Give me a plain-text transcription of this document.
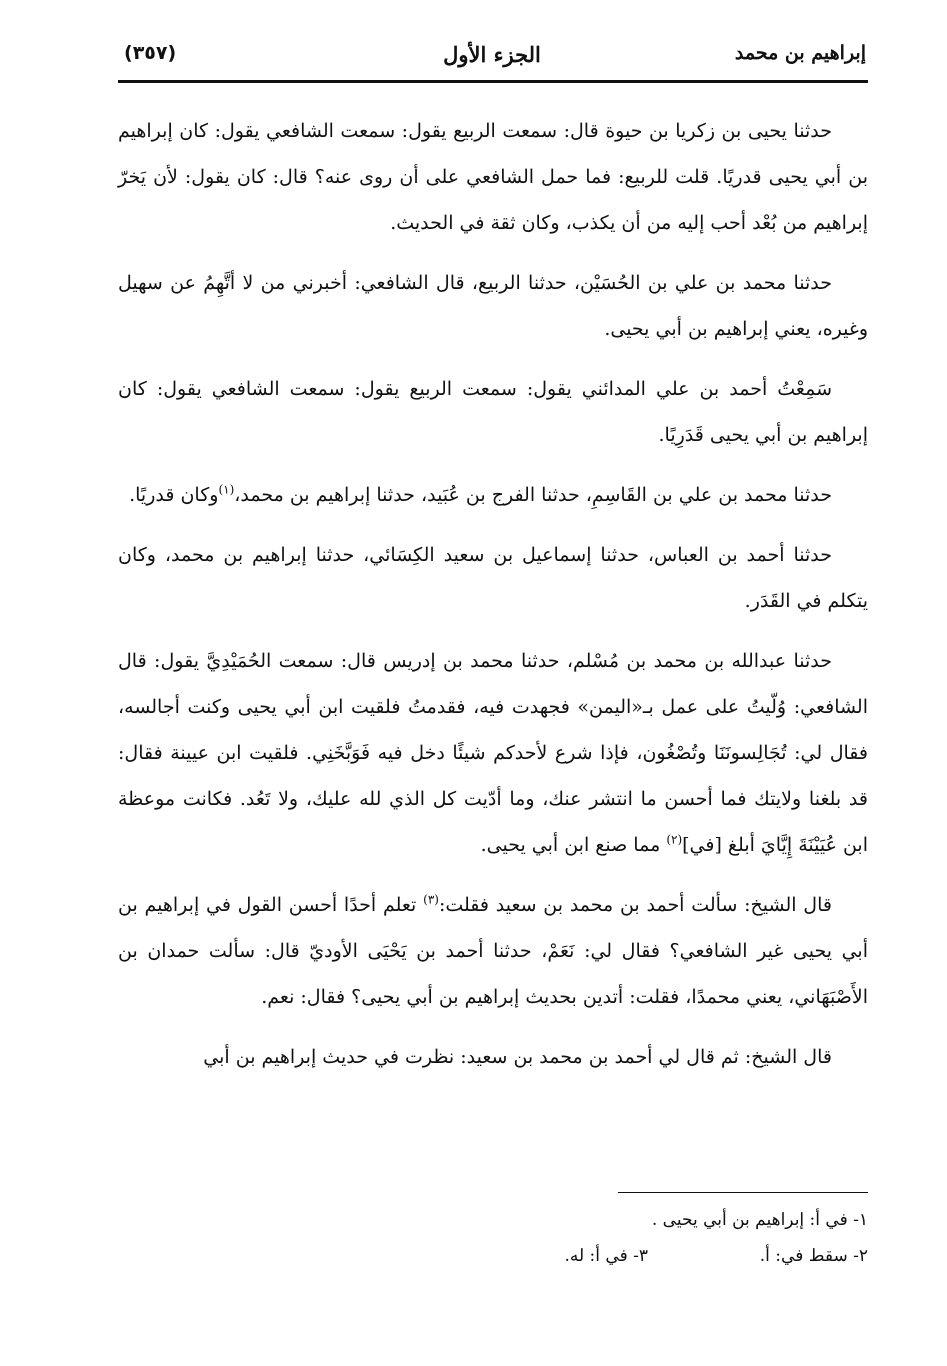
إبراهيم بن محمد
الجزء الأول
(٣٥٧)

حدثنا يحيى بن زكريا بن حيوة قال: سمعت الربيع يقول: سمعت الشافعي يقول: كان إبراهيم بن أبي يحيى قدريًا. قلت للربيع: فما حمل الشافعي على أن روى عنه؟ قال: كان يقول: لأن يَخرّ إبراهيم من بُعْد أحب إليه من أن يكذب، وكان ثقة في الحديث.

حدثنا محمد بن علي بن الحُسَيْن، حدثنا الربيع، قال الشافعي: أخبرني من لا أتَّهِمُ عن سهيل وغيره، يعني إبراهيم بن أبي يحيى.

سَمِعْتُ أحمد بن علي المدائني يقول: سمعت الربيع يقول: سمعت الشافعي يقول: كان إبراهيم بن أبي يحيى قَدَرِيًا.

حدثنا محمد بن علي بن القَاسِمِ، حدثنا الفرج بن عُبَيد، حدثنا إبراهيم بن محمد،$^{(١)}$وكان قدريًا.

حدثنا أحمد بن العباس، حدثنا إسماعيل بن سعيد الكِسَائي، حدثنا إبراهيم بن محمد، وكان يتكلم في القَدَر.

حدثنا عبدالله بن محمد بن مُسْلم، حدثنا محمد بن إدريس قال: سمعت الحُمَيْدِيَّ يقول: قال الشافعي: وُلّيتُ على عمل بـ«اليمن» فجهدت فيه، فقدمتُ فلقيت ابن أبي يحيى وكنت أجالسه، فقال لي: تُجَالِسونَنَا وتُصْغُون، فإذا شرع لأحدكم شيئًا دخل فيه فَوَبَّخَنِي. فلقيت ابن عيينة فقال: قد بلغنا ولايتك فما أحسن ما انتشر عنك، وما أدّيت كل الذي لله عليك، ولا تَعُد. فكانت موعظة ابن عُيَيْنَةَ إِيَّايَ أبلغ [في]$^{(٢)}$ مما صنع ابن أبي يحيى.

قال الشيخ: سألت أحمد بن محمد بن سعيد فقلت:$^{(٣)}$ تعلم أحدًا أحسن القول في إبراهيم بن أبي يحيى غير الشافعي؟ فقال لي: نَعَمْ، حدثنا أحمد بن يَحْيَى الأوديّ قال: سألت حمدان بن الأَصْبَهَاني، يعني محمدًا، فقلت: أتدين بحديث إبراهيم بن أبي يحيى؟ فقال: نعم.

قال الشيخ: ثم قال لي أحمد بن محمد بن سعيد: نظرت في حديث إبراهيم بن أبي

١- في أ: إبراهيم بن أبي يحيى .
٢- سقط في: أ.
٣- في أ: له.
